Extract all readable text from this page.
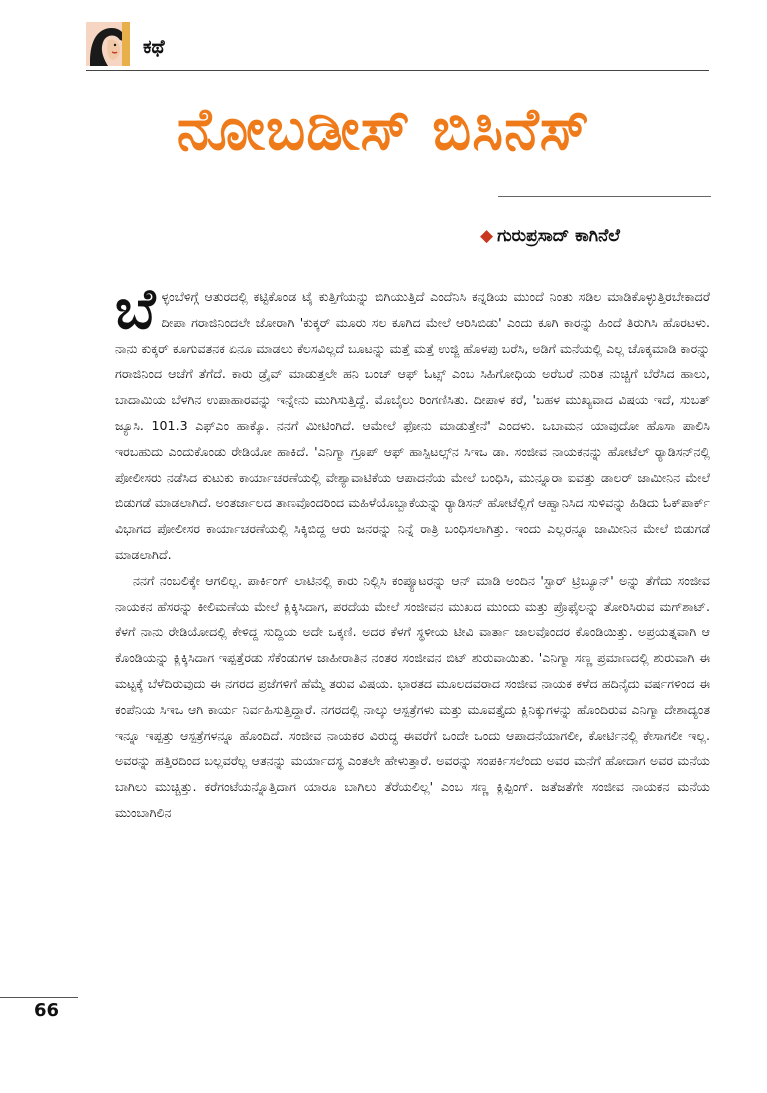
ಕಥೆ
ನೋಬಡೀಸ್ ಬಿಸಿನೆಸ್
◆ ಗುರುಪ್ರಸಾದ್ ಕಾಗಿನೆಲೆ

ಬೆಳ್ಳಂಬೆಳಿಗ್ಗೆ ಆತುರದಲ್ಲಿ ಕಟ್ಟಿಕೊಂಡ ಟೈ ಕುತ್ತಿಗೆಯನ್ನು ಬಿಗಿಯುತ್ತಿದೆ ಎಂದೆನಿಸಿ ಕನ್ನಡಿಯ ಮುಂದೆ ನಿಂತು ಸಡಿಲ ಮಾಡಿಕೊಳ್ಳುತ್ತಿರಬೇಕಾದರೆ ದೀಪಾ ಗರಾಜಿನಿಂದಲೇ ಜೋರಾಗಿ 'ಕುಕ್ಕರ್ ಮೂರು ಸಲ ಕೂಗಿದ ಮೇಲೆ ಆರಿಸಿಬಿಡು' ಎಂದು ಕೂಗಿ ಕಾರನ್ನು ಹಿಂದೆ ತಿರುಗಿಸಿ ಹೊರಟಳು. ನಾನು ಕುಕ್ಕರ್ ಕೂಗುವತನಕ ಏನೂ ಮಾಡಲು ಕೆಲಸವಿಲ್ಲದೆ ಬೂಟನ್ನು ಮತ್ತೆ ಮತ್ತೆ ಉಜ್ಜಿ ಹೊಳಪು ಬರೆಸಿ, ಅಡಿಗೆ ಮನೆಯಲ್ಲಿ ಎಲ್ಲ ಚೊಕ್ಕಮಾಡಿ ಕಾರನ್ನು ಗರಾಜಿನಿಂದ ಆಚೆಗೆ ತೆಗೆದೆ. ಕಾರು ಡ್ರೈವ್ ಮಾಡುತ್ತಲೇ ಹನಿ ಬಂಚ್ ಆಫ್ ಓಟ್ಸ್ ಎಂಬ ಸಿಹಿಗೋಧಿಯ ಅರೆಬರೆ ನುರಿತ ನುಚ್ಚಿಗೆ ಬೆರೆಸಿದ ಹಾಲು, ಬಾದಾಮಿಯ ಬೆಳಗಿನ ಉಪಾಹಾರವನ್ನು ಇನ್ನೇನು ಮುಗಿಸುತ್ತಿದ್ದೆ. ಮೊಬೈಲು ರಿಂಗಣಿಸಿತು. ದೀಪಾಳ ಕರೆ, 'ಬಹಳ ಮುಖ್ಯವಾದ ವಿಷಯ ಇದೆ, ಸುಬತ್ ಜ್ಯೂಸಿ. 101.3 ಎಫ್‌ಎಂ ಹಾಕ್ಕೊ. ನನಗೆ ಮೀಟಿಂಗಿದೆ. ಆಮೇಲೆ ಫೋನು ಮಾಡುತ್ತೇನೆ' ಎಂದಳು. ಒಬಾಮನ ಯಾವುದೋ ಹೊಸಾ ಪಾಲಿಸಿ ಇರಬಹುದು ಎಂದುಕೊಂಡು ರೇಡಿಯೋ ಹಾಕಿದೆ. 'ಎನಿಗ್ಮಾ ಗ್ರೂಪ್ ಆಫ್ ಹಾಸ್ಪಿಟಲ್ಸ್‌ನ ಸಿಇಒ ಡಾ. ಸಂಜೀವ ನಾಯಕನನ್ನು ಹೋಟೆಲ್ ರ್‍ಯಾಡಿಸನ್‌ನಲ್ಲಿ ಪೋಲೀಸರು ನಡೆಸಿದ ಕುಟುಕು ಕಾರ್ಯಾಚರಣೆಯಲ್ಲಿ ವೇಶ್ಯಾವಾಟಿಕೆಯ ಆಪಾದನೆಯ ಮೇಲೆ ಬಂಧಿಸಿ, ಮುನ್ನೂರಾ ಐವತ್ತು ಡಾಲರ್ ಜಾಮೀನಿನ ಮೇಲೆ ಬಿಡುಗಡೆ ಮಾಡಲಾಗಿದೆ. ಅಂತರ್ಜಾಲದ ತಾಣವೊಂದರಿಂದ ಮಹಿಳೆಯೊಬ್ಬಾಕೆಯನ್ನು ರ್‍ಯಾಡಿಸನ್ ಹೋಟೆಲ್ಲಿಗೆ ಆಹ್ವಾನಿಸಿದ ಸುಳಿವನ್ನು ಹಿಡಿದು ಓಕ್‌ಪಾರ್ಕ್ ವಿಭಾಗದ ಪೋಲೀಸರ ಕಾರ್ಯಾಚರಣೆಯಲ್ಲಿ ಸಿಕ್ಕಿಬಿದ್ದ ಆರು ಜನರನ್ನು ನಿನ್ನೆ ರಾತ್ರಿ ಬಂಧಿಸಲಾಗಿತ್ತು. ಇಂದು ಎಲ್ಲರನ್ನೂ ಜಾಮೀನಿನ ಮೇಲೆ ಬಿಡುಗಡೆ ಮಾಡಲಾಗಿದೆ.

ನನಗೆ ನಂಬಲಿಕ್ಕೇ ಆಗಲಿಲ್ಲ. ಪಾರ್ಕಿಂಗ್ ಲಾಟಿನಲ್ಲಿ ಕಾರು ನಿಲ್ಲಿಸಿ ಕಂಪ್ಯೂಟರನ್ನು ಆನ್ ಮಾಡಿ ಅಂದಿನ 'ಸ್ಟಾರ್ ಟ್ರಿಬ್ಯೂನ್' ಅನ್ನು ತೆಗೆದು ಸಂಜೀವ ನಾಯಕನ ಹೆಸರನ್ನು ಕೀಲಿಮಣೆಯ ಮೇಲೆ ಕ್ಲಿಕ್ಕಿಸಿದಾಗ, ಪರದೆಯ ಮೇಲೆ ಸಂಜೀವನ ಮುಖದ ಮುಂದು ಮತ್ತು ಪ್ರೊಫೈಲನ್ನು ತೋರಿಸಿರುವ ಮಗ್‌ಶಾಟ್. ಕೆಳಗೆ ನಾನು ರೇಡಿಯೋದಲ್ಲಿ ಕೇಳಿದ್ದ ಸುದ್ದಿಯ ಅದೇ ಒಕ್ಕಣಿ. ಅದರ ಕೆಳಗೆ ಸ್ಥಳೀಯ ಟೀವಿ ವಾರ್ತಾ ಜಾಲವೊಂದರ ಕೊಂಡಿಯಿತ್ತು. ಅಪ್ರಯತ್ನವಾಗಿ ಆ ಕೊಂಡಿಯನ್ನು ಕ್ಲಿಕ್ಕಿಸಿದಾಗ ಇಪ್ಪತ್ತೆರಡು ಸೆಕೆಂಡುಗಳ ಜಾಹೀರಾತಿನ ನಂತರ ಸಂಜೀವನ ಬಿಟ್ ಶುರುವಾಯಿತು. 'ಎನಿಗ್ಮಾ ಸಣ್ಣ ಪ್ರಮಾಣದಲ್ಲಿ ಶುರುವಾಗಿ ಈ ಮಟ್ಟಕ್ಕೆ ಬೆಳೆದಿರುವುದು ಈ ನಗರದ ಪ್ರಜೆಗಳಿಗೆ ಹೆಮ್ಮೆ ತರುವ ವಿಷಯ. ಭಾರತದ ಮೂಲದವರಾದ ಸಂಜೀವ ನಾಯಕ ಕಳೆದ ಹದಿನೈದು ವರ್ಷಗಳಿಂದ ಈ ಕಂಪೆನಿಯ ಸಿಇಒ ಆಗಿ ಕಾರ್ಯ ನಿರ್ವಹಿಸುತ್ತಿದ್ದಾರೆ. ನಗರದಲ್ಲಿ ನಾಲ್ಕು ಆಸ್ಪತ್ರೆಗಳು ಮತ್ತು ಮೂವತ್ತೈದು ಕ್ಲಿನಿಕ್ಕುಗಳನ್ನು ಹೊಂದಿರುವ ಎನಿಗ್ಮಾ ದೇಶಾದ್ಯಂತ ಇನ್ನೂ ಇಪ್ಪತ್ತು ಆಸ್ಪತ್ರೆಗಳನ್ನೂ ಹೊಂದಿದೆ. ಸಂಜೀವ ನಾಯಕರ ವಿರುದ್ಧ ಈವರೆಗೆ ಒಂದೇ ಒಂದು ಆಪಾದನೆಯಾಗಲೀ, ಕೋರ್ಟಿನಲ್ಲಿ ಕೇಸಾಗಲೀ ಇಲ್ಲ. ಅವರನ್ನು ಹತ್ತಿರದಿಂದ ಬಲ್ಲವರೆಲ್ಲ ಆತನನ್ನು ಮರ್ಯಾದಸ್ಥ ಎಂತಲೇ ಹೇಳುತ್ತಾರೆ. ಅವರನ್ನು ಸಂಪರ್ಕಿಸಲೆಂದು ಅವರ ಮನೆಗೆ ಹೋದಾಗ ಅವರ ಮನೆಯ ಬಾಗಿಲು ಮುಚ್ಚಿತ್ತು. ಕರೆಗಂಟೆಯನ್ನೊತ್ತಿದಾಗ ಯಾರೂ ಬಾಗಿಲು ತೆರೆಯಲಿಲ್ಲ' ಎಂಬ ಸಣ್ಣ ಕ್ಲಿಪ್ಪಿಂಗ್. ಜತೆಜತೆಗೇ ಸಂಜೀವ ನಾಯಕನ ಮನೆಯ ಮುಂಬಾಗಿಲಿನ

66
